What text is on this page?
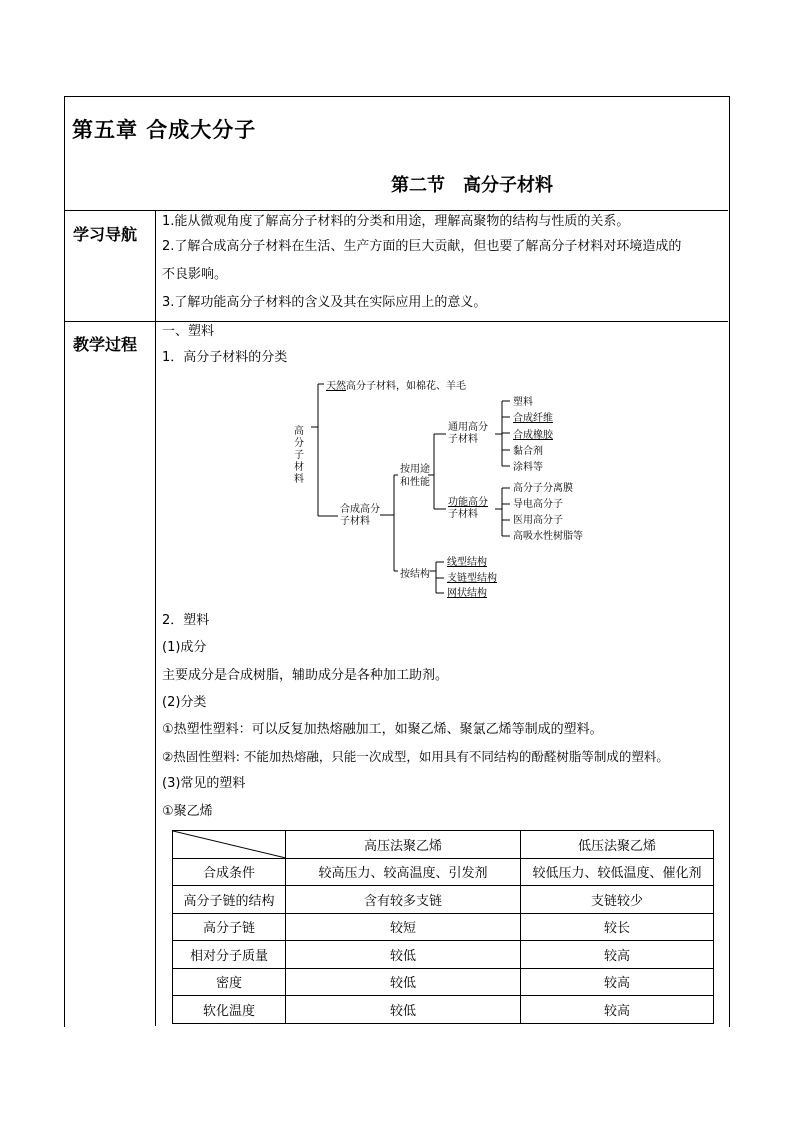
第五章 合成大分子
第二节　高分子材料
学习导航
1.能从微观角度了解高分子材料的分类和用途，理解高聚物的结构与性质的关系。
2.了解合成高分子材料在生活、生产方面的巨大贡献，但也要了解高分子材料对环境造成的
不良影响。
3.了解功能高分子材料的含义及其在实际应用上的意义。
教学过程
一、塑料
1．高分子材料的分类
高
分
子
材
料
天然高分子材料，如棉花、羊毛
合成高分
子材料
按用途
和性能
通用高分
子材料
塑料
合成纤维
合成橡胶
黏合剂
涂料等
功能高分
子材料
高分子分离膜
导电高分子
医用高分子
高吸水性树脂等
按结构
线型结构
支链型结构
网状结构
2．塑料
(1)成分
主要成分是合成树脂，辅助成分是各种加工助剂。
(2)分类
①热塑性塑料：可以反复加热熔融加工，如聚乙烯、聚氯乙烯等制成的塑料。
②热固性塑料: 不能加热熔融，只能一次成型，如用具有不同结构的酚醛树脂等制成的塑料。
(3)常见的塑料
①聚乙烯
	高压法聚乙烯	低压法聚乙烯
合成条件	较高压力、较高温度、引发剂	较低压力、较低温度、催化剂
高分子链的结构	含有较多支链	支链较少
高分子链	较短	较长
相对分子质量	较低	较高
密度	较低	较高
软化温度	较低	较高
